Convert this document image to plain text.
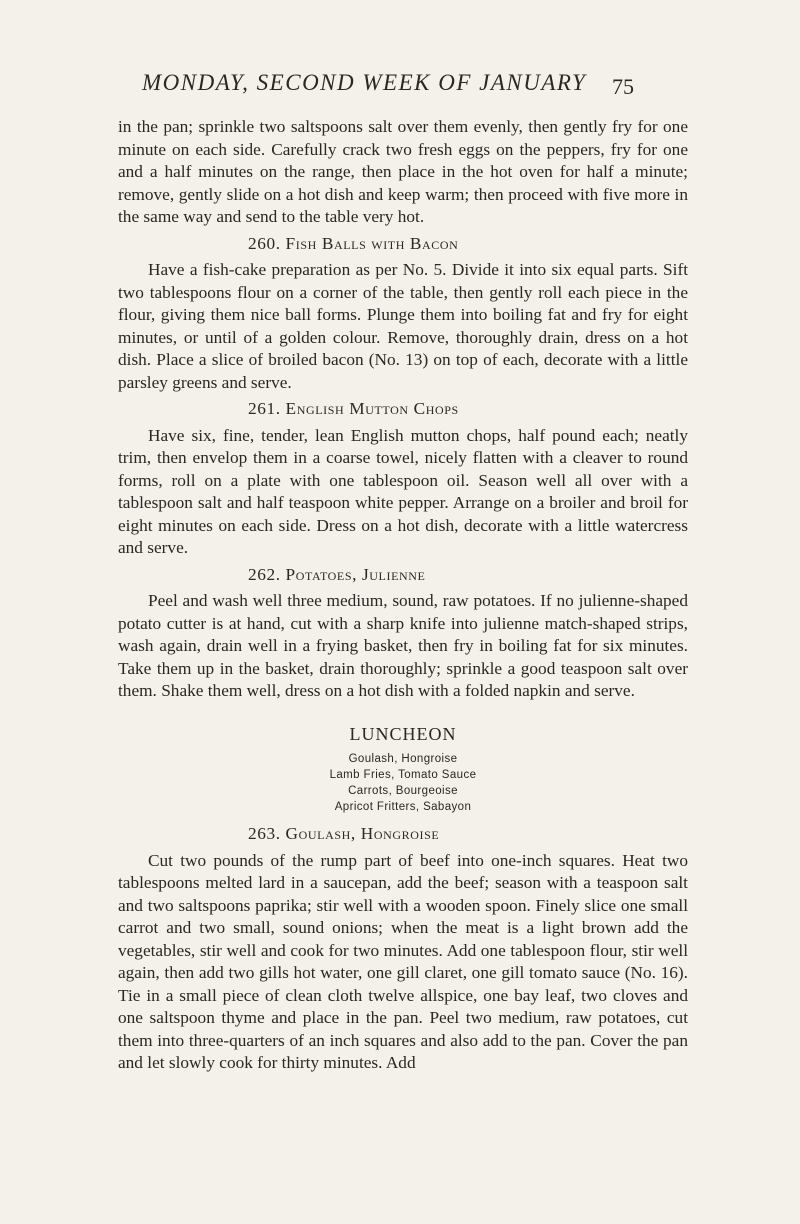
MONDAY, SECOND WEEK OF JANUARY 75

in the pan; sprinkle two saltspoons salt over them evenly, then gently fry for one minute on each side. Carefully crack two fresh eggs on the peppers, fry for one and a half minutes on the range, then place in the hot oven for half a minute; remove, gently slide on a hot dish and keep warm; then proceed with five more in the same way and send to the table very hot.

260. Fish Balls with Bacon

Have a fish-cake preparation as per No. 5. Divide it into six equal parts. Sift two tablespoons flour on a corner of the table, then gently roll each piece in the flour, giving them nice ball forms. Plunge them into boiling fat and fry for eight minutes, or until of a golden colour. Remove, thoroughly drain, dress on a hot dish. Place a slice of broiled bacon (No. 13) on top of each, decorate with a little parsley greens and serve.

261. English Mutton Chops

Have six, fine, tender, lean English mutton chops, half pound each; neatly trim, then envelop them in a coarse towel, nicely flatten with a cleaver to round forms, roll on a plate with one tablespoon oil. Season well all over with a tablespoon salt and half teaspoon white pepper. Arrange on a broiler and broil for eight minutes on each side. Dress on a hot dish, decorate with a little watercress and serve.

262. Potatoes, Julienne

Peel and wash well three medium, sound, raw potatoes. If no julienne-shaped potato cutter is at hand, cut with a sharp knife into julienne match-shaped strips, wash again, drain well in a frying basket, then fry in boiling fat for six minutes. Take them up in the basket, drain thoroughly; sprinkle a good teaspoon salt over them. Shake them well, dress on a hot dish with a folded napkin and serve.

LUNCHEON
Goulash, Hongroise
Lamb Fries, Tomato Sauce
Carrots, Bourgeoise
Apricot Fritters, Sabayon
263. Goulash, Hongroise

Cut two pounds of the rump part of beef into one-inch squares. Heat two tablespoons melted lard in a saucepan, add the beef; season with a teaspoon salt and two saltspoons paprika; stir well with a wooden spoon. Finely slice one small carrot and two small, sound onions; when the meat is a light brown add the vegetables, stir well and cook for two minutes. Add one tablespoon flour, stir well again, then add two gills hot water, one gill claret, one gill tomato sauce (No. 16). Tie in a small piece of clean cloth twelve allspice, one bay leaf, two cloves and one saltspoon thyme and place in the pan. Peel two medium, raw potatoes, cut them into three-quarters of an inch squares and also add to the pan. Cover the pan and let slowly cook for thirty minutes. Add
